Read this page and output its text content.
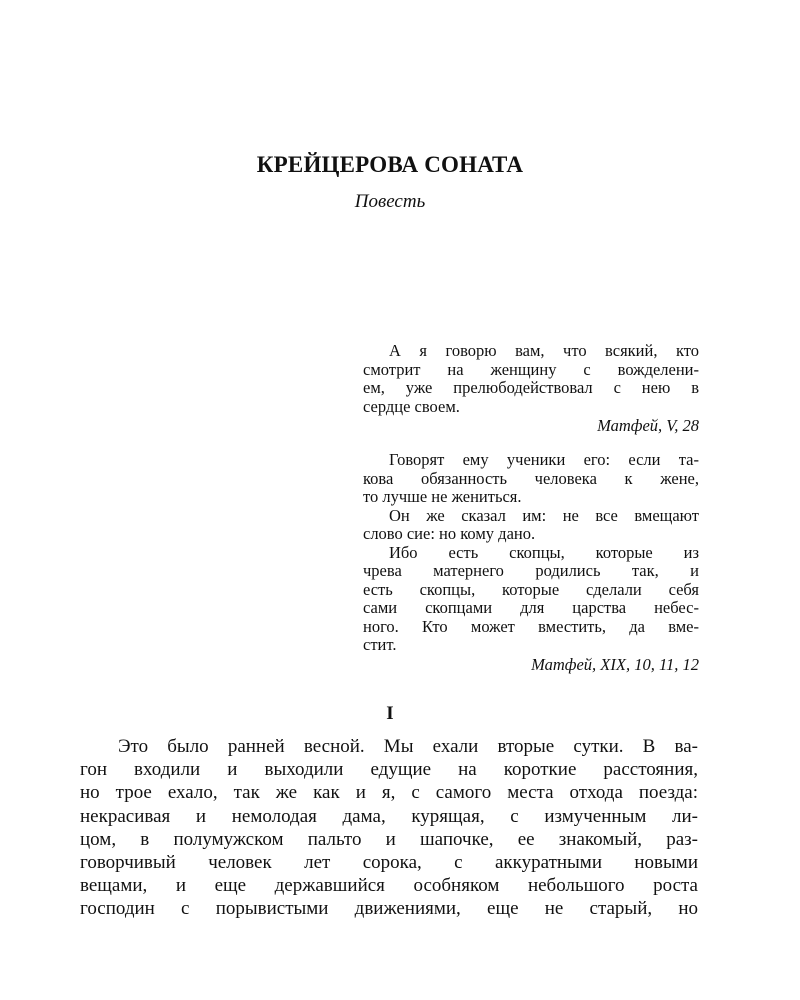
КРЕЙЦЕРОВА СОНАТА
Повесть
А я говорю вам, что всякий, кто
смотрит на женщину с вожделени-
ем, уже прелюбодействовал с нею в
сердце своем.
Матфей, V, 28
Говорят ему ученики его: если та-
кова обязанность человека к жене,
то лучше не жениться.
Он же сказал им: не все вмещают
слово сие: но кому дано.
Ибо есть скопцы, которые из
чрева матернего родились так, и
есть скопцы, которые сделали себя
сами скопцами для царства небес-
ного. Кто может вместить, да вме-
стит.
Матфей, XIX, 10, 11, 12
I
Это было ранней весной. Мы ехали вторые сутки. В ва-
гон входили и выходили едущие на короткие расстояния,
но трое ехало, так же как и я, с самого места отхода поезда:
некрасивая и немолодая дама, курящая, с измученным ли-
цом, в полумужском пальто и шапочке, ее знакомый, раз-
говорчивый человек лет сорока, с аккуратными новыми
вещами, и еще державшийся особняком небольшого роста
господин с порывистыми движениями, еще не старый, но
